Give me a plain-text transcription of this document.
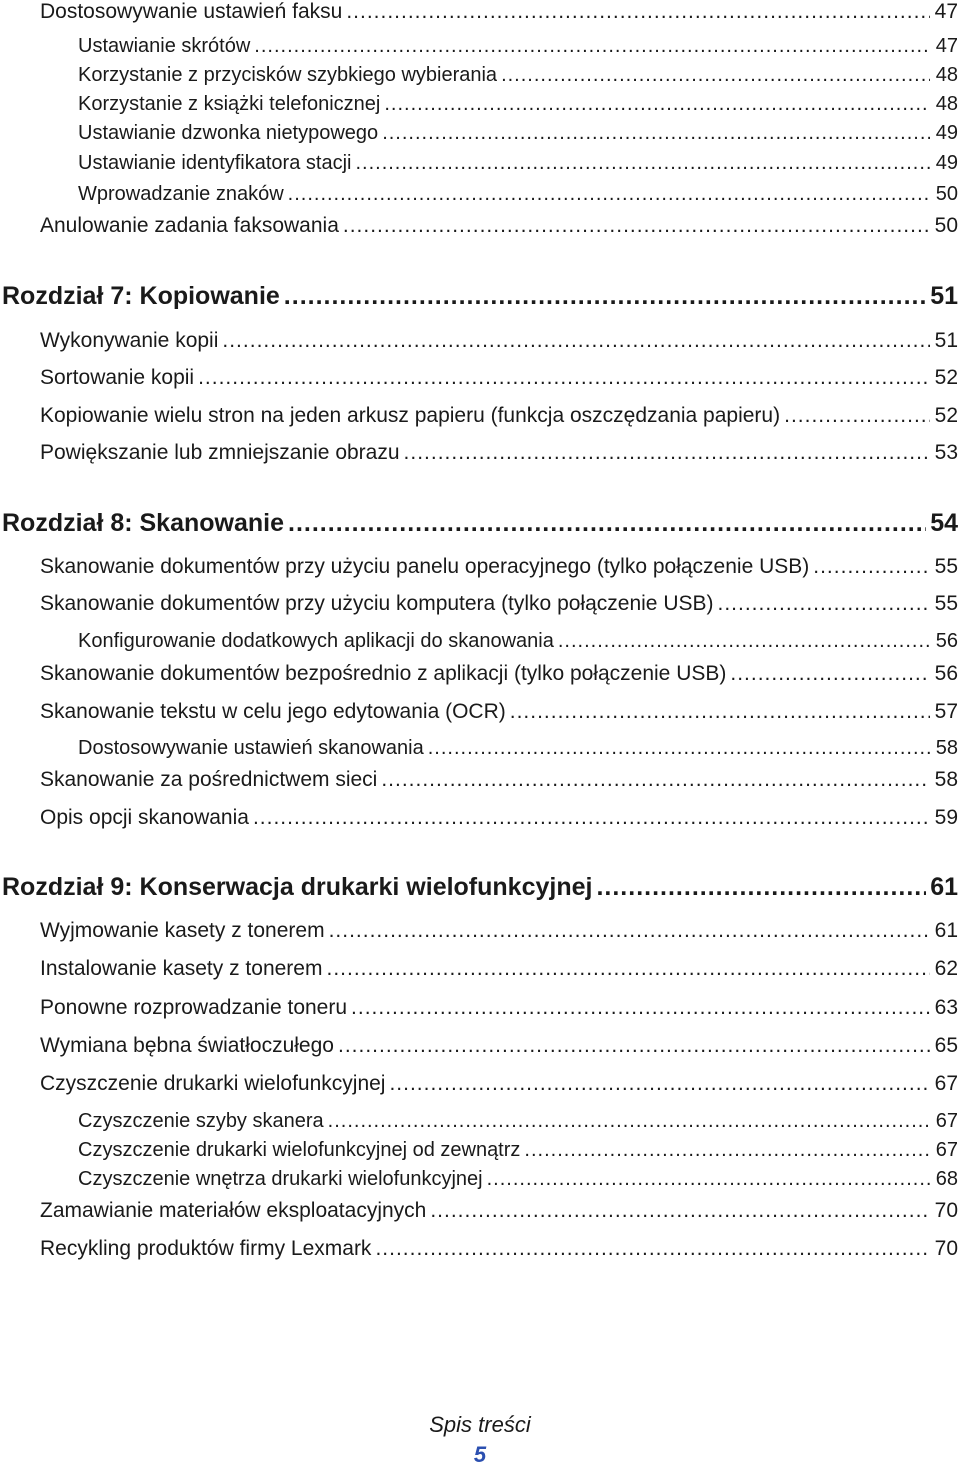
Dostosowywanie ustawień faksu .....	47
Ustawianie skrótów .....	47
Korzystanie z przycisków szybkiego wybierania .....	48
Korzystanie z książki telefonicznej .....	48
Ustawianie dzwonka nietypowego .....	49
Ustawianie identyfikatora stacji .....	49
Wprowadzanie znaków .....	50
Anulowanie zadania faksowania .....	50
Rozdział 7: Kopiowanie .....	51
Wykonywanie kopii .....	51
Sortowanie kopii .....	52
Kopiowanie wielu stron na jeden arkusz papieru (funkcja oszczędzania papieru) .....	52
Powiększanie lub zmniejszanie obrazu .....	53
Rozdział 8: Skanowanie .....	54
Skanowanie dokumentów przy użyciu panelu operacyjnego (tylko połączenie USB) .....	55
Skanowanie dokumentów przy użyciu komputera (tylko połączenie USB) .....	55
Konfigurowanie dodatkowych aplikacji do skanowania .....	56
Skanowanie dokumentów bezpośrednio z aplikacji (tylko połączenie USB) .....	56
Skanowanie tekstu w celu jego edytowania (OCR) .....	57
Dostosowywanie ustawień skanowania .....	58
Skanowanie za pośrednictwem sieci .....	58
Opis opcji skanowania .....	59
Rozdział 9: Konserwacja drukarki wielofunkcyjnej .....	61
Wyjmowanie kasety z tonerem .....	61
Instalowanie kasety z tonerem .....	62
Ponowne rozprowadzanie toneru .....	63
Wymiana bębna światłoczułego .....	65
Czyszczenie drukarki wielofunkcyjnej .....	67
Czyszczenie szyby skanera .....	67
Czyszczenie drukarki wielofunkcyjnej od zewnątrz .....	67
Czyszczenie wnętrza drukarki wielofunkcyjnej .....	68
Zamawianie materiałów eksploatacyjnych .....	70
Recykling produktów firmy Lexmark .....	70
Spis treści
5
